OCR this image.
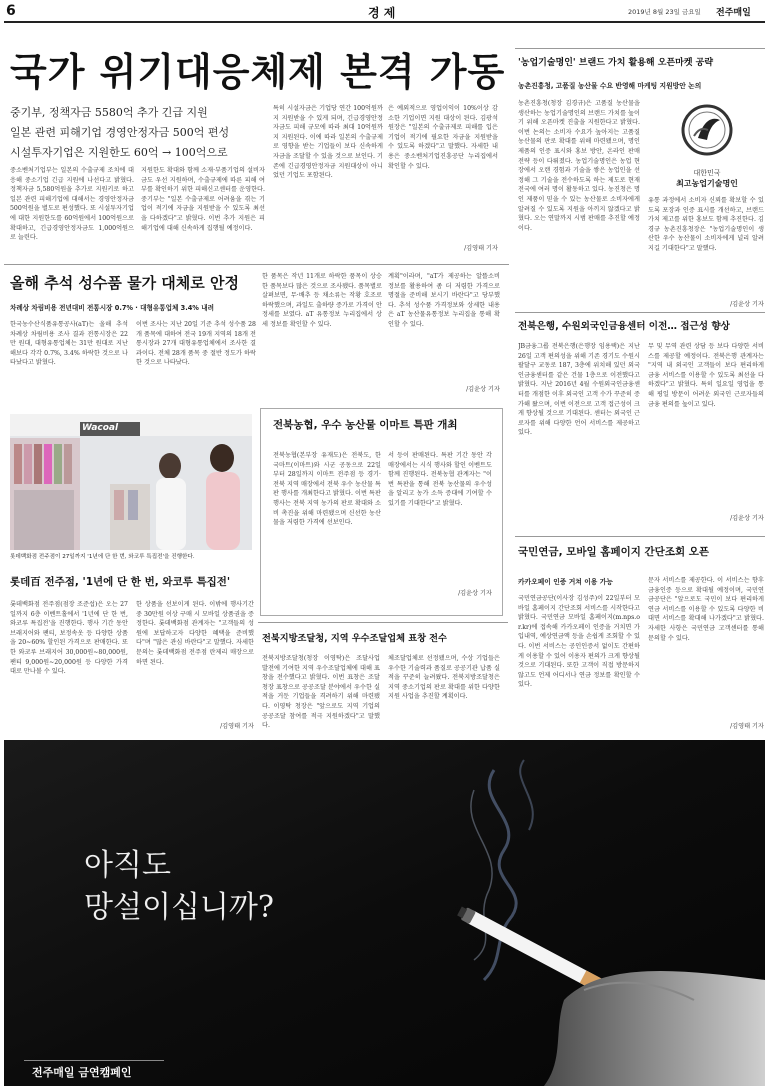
6	경 제	2019년 8월 23일 금요일 전주매일
국가 위기대응체제 본격 가동
중기부, 정책자금 5580억 추가 긴급 지원
일본 관련 피해기업 경영안정자금 500억 편성
시설투자기업은 지원한도 60억 → 100억으로
중소벤처기업부는 일본의 수출규제 조치에 대응해 중소기업 긴급 지원에 나선다고 밝혔다. 정책자금 5,580억원을 추가로 지원키로 하고 일본 관련 피해기업에 대해서는 경영안정자금 500억원을 별도로 편성했다. 또 시설투자기업에 대한 지원한도를 60억원에서 100억원으로 확대하고, 긴급경영안정자금도 1,000억원으로 늘린다.
지원한도 확대와 함께 소재·부품기업의 설비자금도 우선 지원하며, 수출규제에 따른 피해 여부를 확인하기 위한 피해신고센터를 운영한다. 중기부는 "일본 수출규제로 어려움을 겪는 기업이 적기에 자금을 지원받을 수 있도록 최선을 다하겠다"고 밝혔다. 이번 추가 지원은 피해기업에 대해 신속하게 집행될 예정이다.
특히 시설자금은 기업당 연간 100억원까지 지원받을 수 있게 되며, 긴급경영안정자금도 피해 규모에 따라 최대 10억원까지 지원된다. 이에 따라 일본의 수출규제로 영향을 받는 기업들이 보다 신속하게 자금을 조달할 수 있을 것으로 보인다. 기존에 긴급경영안정자금 지원대상이 아니었던 기업도 포함된다.
은 예외적으로 영업이익이 10%이상 감소한 기업이면 지원 대상이 된다. 김광석 원장은 "일본의 수출규제로 피해를 입은 기업이 적기에 필요한 자금을 지원받을 수 있도록 하겠다"고 말했다. 자세한 내용은 중소벤처기업진흥공단 누리집에서 확인할 수 있다.
/김영태 기자
'농업기술명인' 브랜드 가치 활용해 오픈마켓 공략
농촌진흥청, 고품질 농산물 수요 반영해 마케팅 지원방안 논의
농촌진흥청(청장 김경규)은 고품질 농산물을 생산하는 농업기술명인의 브랜드 가치를 높이기 위해 오픈마켓 진출을 지원한다고 밝혔다. 이번 논의는 소비자 수요가 높아지는 고품질 농산물의 판로 확대를 위해 마련됐으며, 명인 제품의 인증 표시와 홍보 방안, 온라인 판매 전략 등이 다뤄졌다. 농업기술명인은 농업 현장에서 오랜 경험과 기술을 쌓은 농업인을 선정해 그 기술을 전수하도록 하는 제도로 현재 전국에 여러 명이 활동하고 있다. 농진청은 명인 제품이 믿을 수 있는 농산물로 소비자에게 알려질 수 있도록 지원을 아끼지 않겠다고 밝혔다. 오는 연말까지 시범 판매를 추진할 예정이다.
대한민국
최고농업기술명인
유통 과정에서 소비자 신뢰를 확보할 수 있도록 포장과 인증 표시를 개선하고, 브랜드 가치 제고를 위한 홍보도 함께 추진한다. 김경규 농촌진흥청장은 "농업기술명인이 생산한 우수 농산물이 소비자에게 널리 알려지길 기대한다"고 말했다.
/김윤상 기자
올해 추석 성수품 물가 대체로 안정
차례상 차림비용 전년대비 전통시장 0.7% · 대형유통업체 3.4% 내려
한국농수산식품유통공사(aT)는 올해 추석 차례상 차림비용 조사 결과 전통시장은 22만 원대, 대형유통업체는 31만 원대로 지난해보다 각각 0.7%, 3.4% 하락한 것으로 나타났다고 밝혔다.
이번 조사는 지난 20일 기준 추석 성수품 28개 품목에 대하여 전국 19개 지역의 18개 전통시장과 27개 대형유통업체에서 조사한 결과이다. 전체 28개 품목 중 절반 정도가 하락한 것으로 나타났다.
한 품목은 작년 11개로 하락한 품목이 상승한 품목보다 많은 것으로 조사됐다. 품목별로 살펴보면, 무·배추 등 채소류는 작황 호조로 하락했으며, 과일도 출하량 증가로 가격이 안정세를 보였다. aT 유통정보 누리집에서 상세 정보를 확인할 수 있다.
계획"이라며, "aT가 제공하는 알뜰소비 정보를 활용하여 좀 더 저렴한 가격으로 명절을 준비해 보시기 바란다"고 당부했다. 추석 성수품 가격정보와 상세한 내용은 aT 농산물유통정보 누리집을 통해 확인할 수 있다.
/김윤상 기자
전북은행, 수원외국인금융센터 이전… 접근성 향상
JB금융그룹 전북은행(은행장 임용택)은 지난 26일 고객 편의성을 위해 기존 경기도 수원시 팔달구 교동로 187, 3층에 위치해 있던 외국인금융센터를 같은 건물 1층으로 이전했다고 밝혔다. 지난 2016년 4월 수원외국인금융센터를 개점한 이후 외국인 고객 수가 꾸준히 증가해 왔으며, 이번 이전으로 고객 접근성이 크게 향상될 것으로 기대된다. 센터는 외국인 근로자를 위해 다양한 언어 서비스를 제공하고 있다.
무 및 무역 관련 상담 등 보다 다양한 서비스를 제공할 예정이다. 전북은행 관계자는 "지역 내 외국인 고객들이 보다 편리하게 금융 서비스를 이용할 수 있도록 최선을 다하겠다"고 밝혔다. 특히 일요일 영업을 통해 평일 방문이 어려운 외국인 근로자들의 금융 편의를 높이고 있다.
/김윤상 기자
Wacoal
롯데백화점 전주점이 27일까지 '1년에 단 한 번, 와코루 특집전'을 진행한다.
전북농협, 우수 농산물 이마트 특판 개최
전북농협(본부장 유재도)은 전북도, 한국마트(이마트)와 시군 공동으로 22일부터 28일까지 이마트 전주점 등 경기·전북 지역 매장에서 전북 우수 농산물 특판 행사를 개최한다고 밝혔다. 이번 특판 행사는 전북 지역 농가의 판로 확대와 소비 촉진을 위해 마련됐으며 신선한 농산물을 저렴한 가격에 선보인다.
서 등이 판매된다. 특판 기간 동안 각 매장에서는 시식 행사와 할인 이벤트도 함께 진행된다. 전북농협 관계자는 "이번 특판을 통해 전북 농산물의 우수성을 알리고 농가 소득 증대에 기여할 수 있기를 기대한다"고 밝혔다.
/김윤상 기자
롯데百 전주점, '1년에 단 한 번, 와코루 특집전'
롯데백화점 전주점(점장 조준섭)은 오는 27일까지 6층 이벤트홀에서 '1년에 단 한 번, 와코루 특집전'을 진행한다. 행사 기간 동안 브래지어와 팬티, 보정속옷 등 다양한 상품을 20~60% 할인된 가격으로 판매한다. 또한 와코루 브래지어 30,000원~80,000원, 팬티 9,000원~20,000원 등 다양한 가격대로 만나볼 수 있다.
한 상품을 선보이게 된다. 이밖에 행사기간 중 30만원 이상 구매 시 모바일 상품권을 증정한다. 롯데백화점 관계자는 "고객들의 성원에 보답하고자 다양한 혜택을 준비했다"며 "많은 관심 바란다"고 말했다. 자세한 문의는 롯데백화점 전주점 란제리 매장으로 하면 된다.
/김영태 기자
전북지방조달청, 지역 우수조달업체 표창 전수
전북지방조달청(청장 이영탁)은 조달사업 발전에 기여한 지역 우수조달업체에 대해 표창을 전수했다고 밝혔다. 이번 표창은 조달청장 표창으로 공공조달 분야에서 우수한 실적을 거둔 기업들을 격려하기 위해 마련됐다. 이영탁 청장은 "앞으로도 지역 기업의 공공조달 참여를 적극 지원하겠다"고 말했다.
체조달업체로 선정됐으며, 수상 기업들은 우수한 기술력과 품질로 공공기관 납품 실적을 꾸준히 늘려왔다. 전북지방조달청은 지역 중소기업의 판로 확대를 위한 다양한 지원 사업을 추진할 계획이다.
국민연금, 모바일 홈페이지 간단조회 오픈
카카오페이 인증 거쳐 이용 가능
국민연금공단(이사장 김성주)이 22일부터 모바일 홈페이지 간단조회 서비스를 시작한다고 밝혔다. 국민연금 모바일 홈페이지(m.nps.or.kr)에 접속해 카카오페이 인증을 거치면 가입내역, 예상연금액 등을 손쉽게 조회할 수 있다. 이번 서비스는 공인인증서 없이도 간편하게 이용할 수 있어 이용자 편의가 크게 향상될 것으로 기대된다. 또한 고객이 직접 방문하지 않고도 언제 어디서나 연금 정보를 확인할 수 있다.
문자 서비스를 제공한다. 이 서비스는 향후 금융인증 등으로 확대될 예정이며, 국민연금공단은 "앞으로도 국민이 보다 편리하게 연금 서비스를 이용할 수 있도록 다양한 비대면 서비스를 확대해 나가겠다"고 밝혔다. 자세한 사항은 국민연금 고객센터를 통해 문의할 수 있다.
/김영태 기자
아직도
망설이십니까?
전주매일 금연캠페인
